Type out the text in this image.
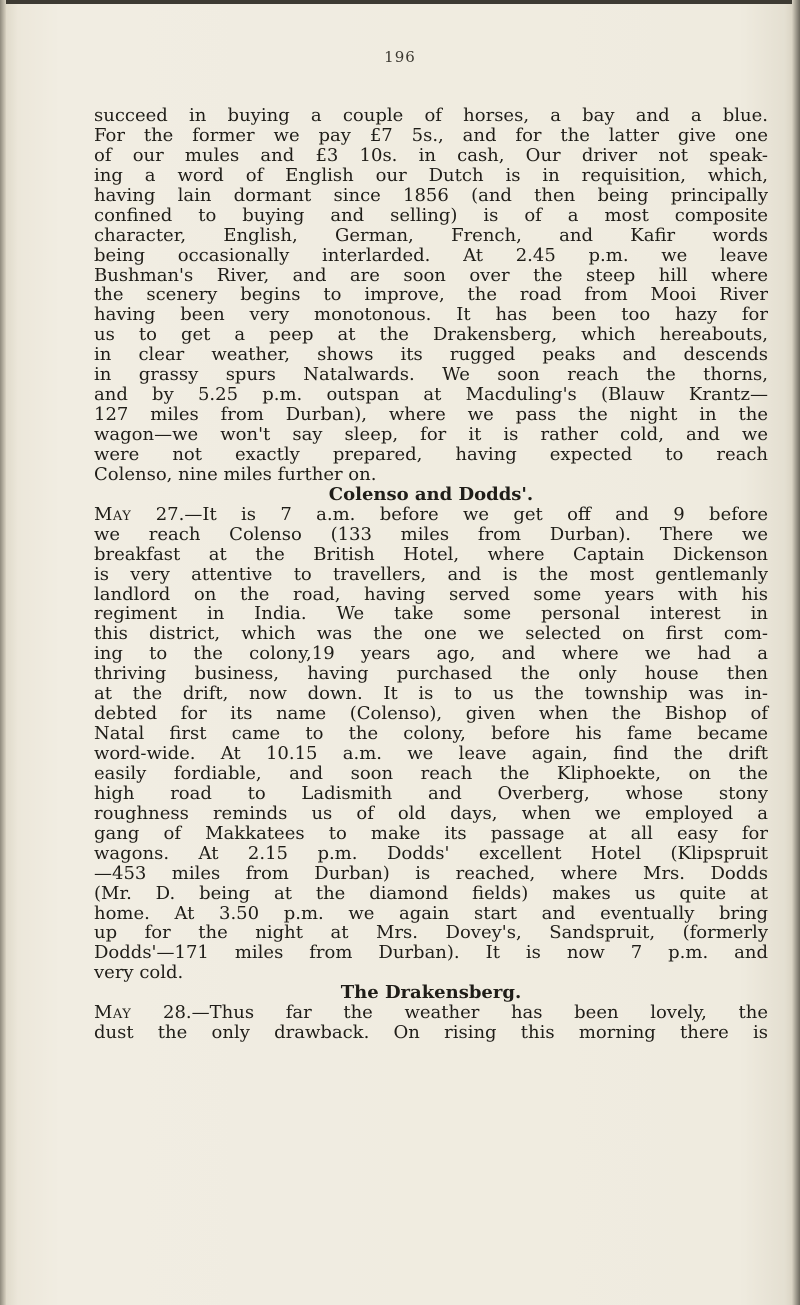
196
succeed in buying a couple of horses, a bay and a blue.
For the former we pay £7 5s., and for the latter give one
of our mules and £3 10s. in cash, Our driver not speak-
ing a word of English our Dutch is in requisition, which,
having lain dormant since 1856 (and then being principally
confined to buying and selling) is of a most composite
character, English, German, French, and Kafir words
being occasionally interlarded. At 2.45 p.m. we leave
Bushman's River, and are soon over the steep hill where
the scenery begins to improve, the road from Mooi River
having been very monotonous. It has been too hazy for
us to get a peep at the Drakensberg, which hereabouts,
in clear weather, shows its rugged peaks and descends
in grassy spurs Natalwards. We soon reach the thorns,
and by 5.25 p.m. outspan at Macduling's (Blauw Krantz—
127 miles from Durban), where we pass the night in the
wagon—we won't say sleep, for it is rather cold, and we
were not exactly prepared, having expected to reach
Colenso, nine miles further on.
Colenso and Dodds'.
May 27.—It is 7 a.m. before we get off and 9 before
we reach Colenso (133 miles from Durban). There we
breakfast at the British Hotel, where Captain Dickenson
is very attentive to travellers, and is the most gentlemanly
landlord on the road, having served some years with his
regiment in India. We take some personal interest in
this district, which was the one we selected on first com-
ing to the colony,19 years ago, and where we had a
thriving business, having purchased the only house then
at the drift, now down. It is to us the township was in-
debted for its name (Colenso), given when the Bishop of
Natal first came to the colony, before his fame became
word-wide. At 10.15 a.m. we leave again, find the drift
easily fordiable, and soon reach the Kliphoekte, on the
high road to Ladismith and Overberg, whose stony
roughness reminds us of old days, when we employed a
gang of Makkatees to make its passage at all easy for
wagons. At 2.15 p.m. Dodds' excellent Hotel (Klipspruit
—453 miles from Durban) is reached, where Mrs. Dodds
(Mr. D. being at the diamond fields) makes us quite at
home. At 3.50 p.m. we again start and eventually bring
up for the night at Mrs. Dovey's, Sandspruit, (formerly
Dodds'—171 miles from Durban). It is now 7 p.m. and
very cold.
The Drakensberg.
May 28.—Thus far the weather has been lovely, the
dust the only drawback. On rising this morning there is
